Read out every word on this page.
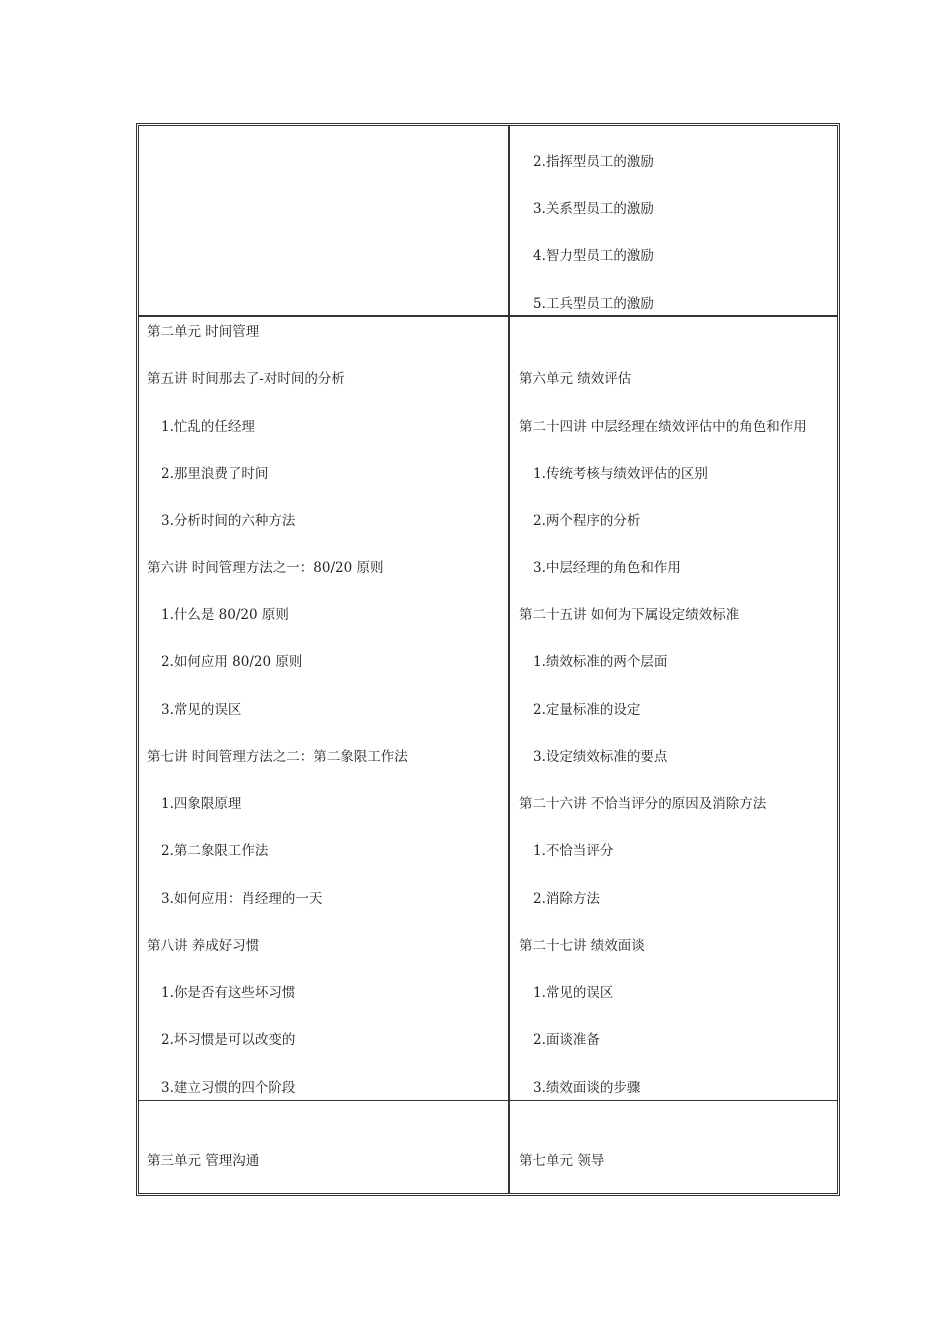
2.指挥型员工的激励
3.关系型员工的激励
4.智力型员工的激励
5.工兵型员工的激励
第二单元 时间管理
第五讲 时间那去了-对时间的分析
1.忙乱的任经理
2.那里浪费了时间
3.分析时间的六种方法
第六讲 时间管理方法之一：80/20 原则
1.什么是 80/20 原则
2.如何应用 80/20 原则
3.常见的误区
第七讲 时间管理方法之二：第二象限工作法
1.四象限原理
2.第二象限工作法
3.如何应用：肖经理的一天
第八讲 养成好习惯
1.你是否有这些坏习惯
2.坏习惯是可以改变的
3.建立习惯的四个阶段
第六单元 绩效评估
第二十四讲 中层经理在绩效评估中的角色和作用
1.传统考核与绩效评估的区别
2.两个程序的分析
3.中层经理的角色和作用
第二十五讲 如何为下属设定绩效标准
1.绩效标准的两个层面
2.定量标准的设定
3.设定绩效标准的要点
第二十六讲 不恰当评分的原因及消除方法
1.不恰当评分
2.消除方法
第二十七讲 绩效面谈
1.常见的误区
2.面谈准备
3.绩效面谈的步骤
第三单元 管理沟通	第七单元 领导
